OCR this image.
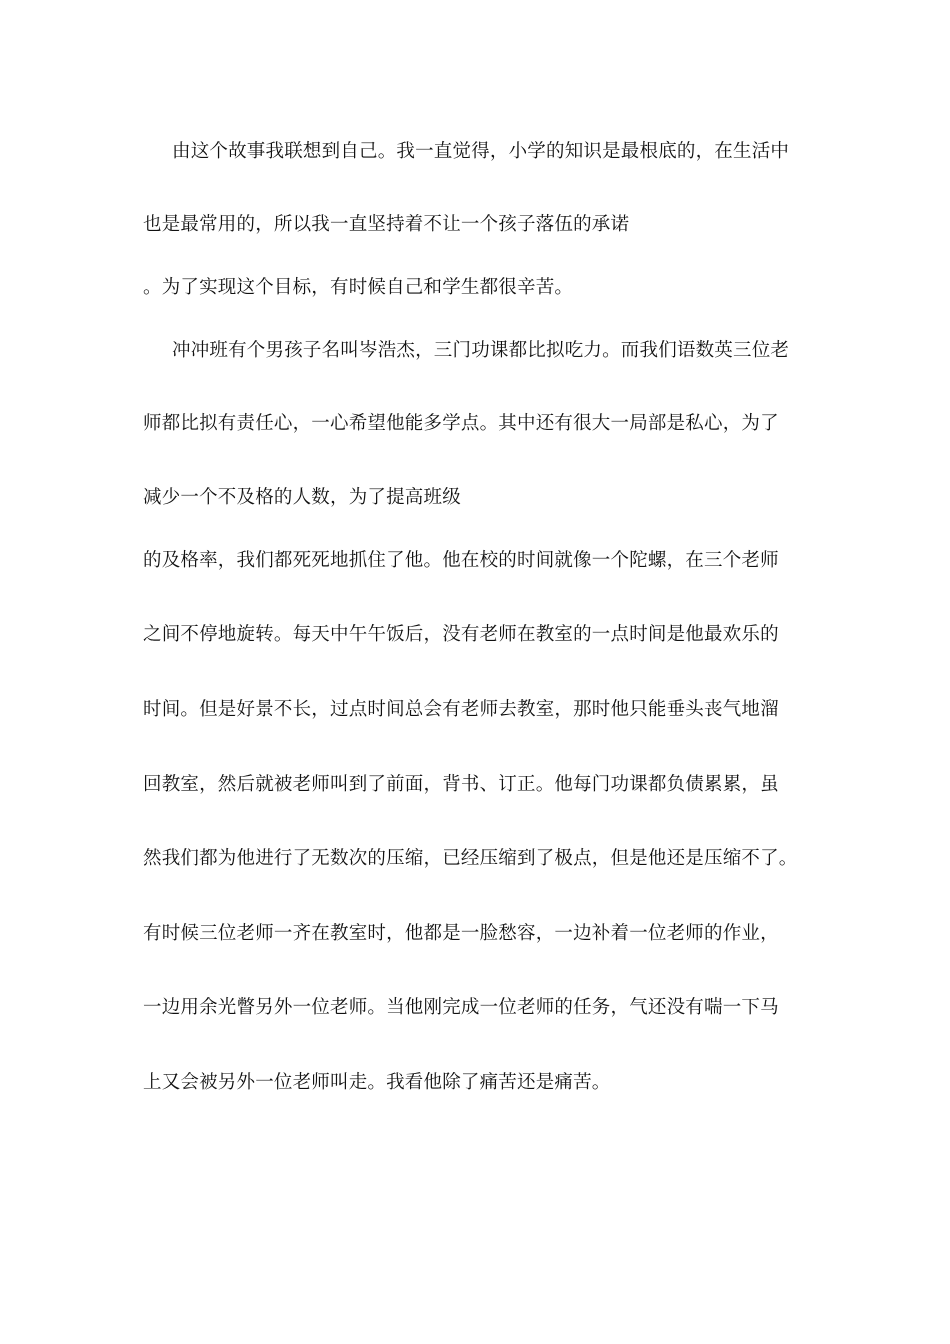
由这个故事我联想到自己。我一直觉得，小学的知识是最根底的，在生活中
也是最常用的，所以我一直坚持着不让一个孩子落伍的承诺
。为了实现这个目标，有时候自己和学生都很辛苦。
冲冲班有个男孩子名叫岑浩杰，三门功课都比拟吃力。而我们语数英三位老
师都比拟有责任心，一心希望他能多学点。其中还有很大一局部是私心，为了
减少一个不及格的人数，为了提高班级
的及格率，我们都死死地抓住了他。他在校的时间就像一个陀螺，在三个老师
之间不停地旋转。每天中午午饭后，没有老师在教室的一点时间是他最欢乐的
时间。但是好景不长，过点时间总会有老师去教室，那时他只能垂头丧气地溜
回教室，然后就被老师叫到了前面，背书、订正。他每门功课都负债累累，虽
然我们都为他进行了无数次的压缩，已经压缩到了极点，但是他还是压缩不了。
有时候三位老师一齐在教室时，他都是一脸愁容，一边补着一位老师的作业，
一边用余光瞥另外一位老师。当他刚完成一位老师的任务，气还没有喘一下马
上又会被另外一位老师叫走。我看他除了痛苦还是痛苦。
